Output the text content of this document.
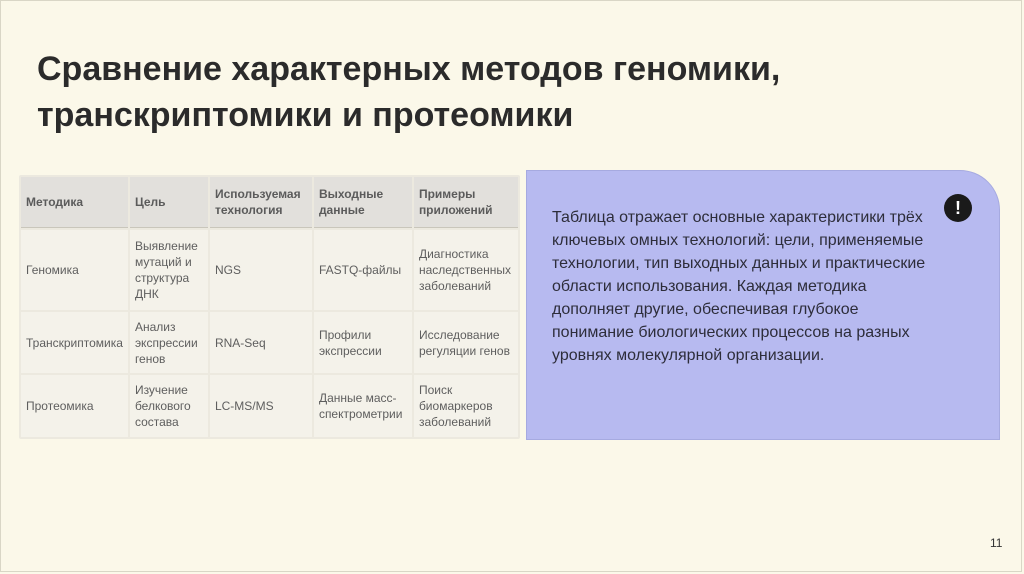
Сравнение характерных методов геномики, транскриптомики и протеомики
Методика	Цель	Используемая технология	Выходные данные	Примеры приложений
Геномика	Выявление мутаций и структура ДНК	NGS	FASTQ-файлы	Диагностика наследственных заболеваний
Транскриптомика	Анализ экспрессии генов	RNA-Seq	Профили экспрессии	Исследование регуляции генов
Протеомика	Изучение белкового состава	LC-MS/MS	Данные масс-спектрометрии	Поиск биомаркеров заболеваний

Таблица отражает основные характеристики трёх ключевых омных технологий: цели, применяемые технологии, тип выходных данных и практические области использования. Каждая методика дополняет другие, обеспечивая глубокое понимание биологических процессов на разных уровнях молекулярной организации.

!
11
